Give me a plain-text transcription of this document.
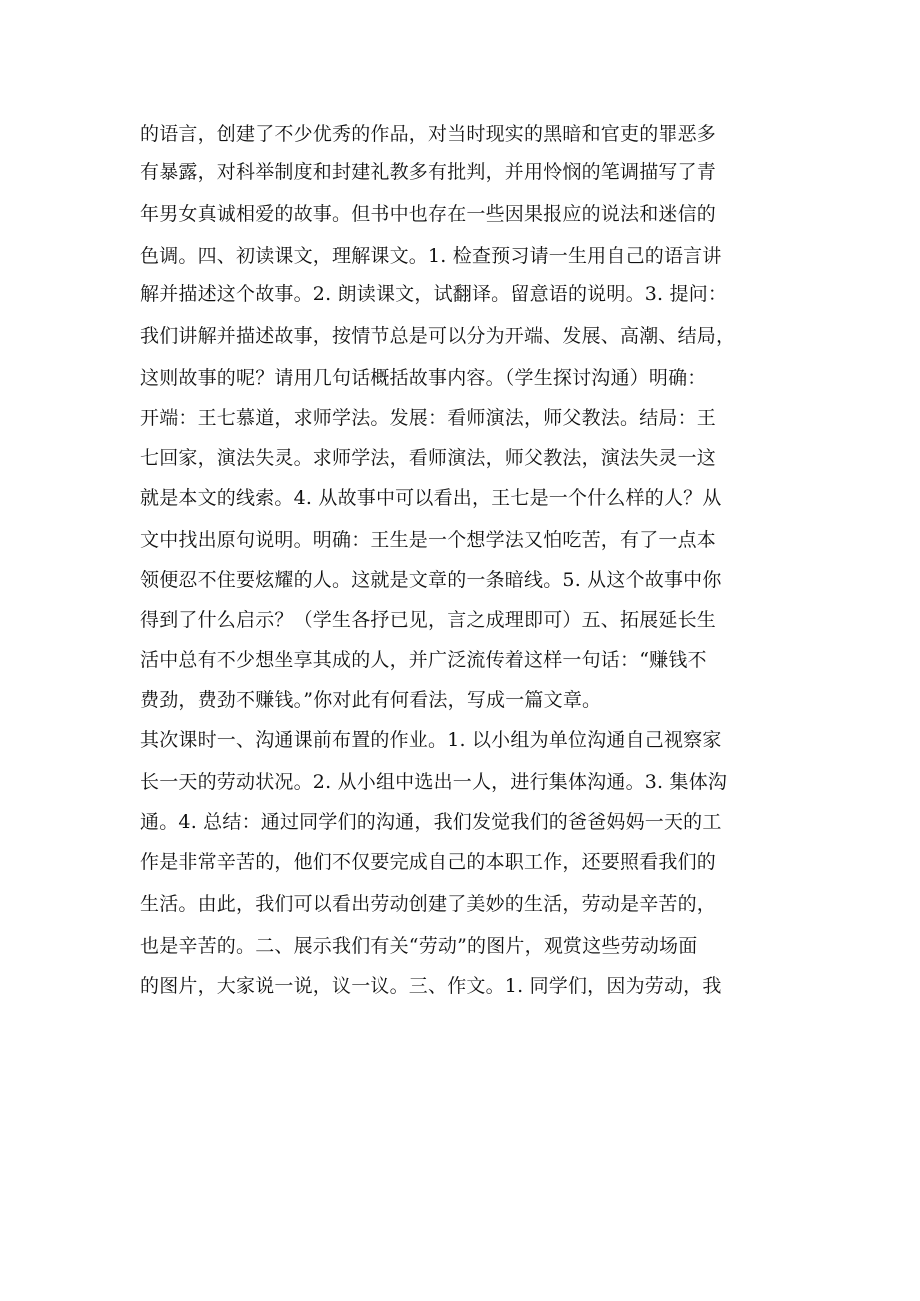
的语言，创建了不少优秀的作品，对当时现实的黑暗和官吏的罪恶多
有暴露，对科举制度和封建礼教多有批判，并用怜悯的笔调描写了青
年男女真诚相爱的故事。但书中也存在一些因果报应的说法和迷信的
色调。四、初读课文，理解课文。1. 检查预习请一生用自己的语言讲
解并描述这个故事。2. 朗读课文，试翻译。留意语的说明。3. 提问：
我们讲解并描述故事，按情节总是可以分为开端、发展、高潮、结局，
这则故事的呢？请用几句话概括故事内容。（学生探讨沟通）明确：
开端：王七慕道，求师学法。发展：看师演法，师父教法。结局：王
七回家，演法失灵。求师学法，看师演法，师父教法，演法失灵一这
就是本文的线索。4. 从故事中可以看出，王七是一个什么样的人？从
文中找出原句说明。明确：王生是一个想学法又怕吃苦，有了一点本
领便忍不住要炫耀的人。这就是文章的一条暗线。5. 从这个故事中你
得到了什么启示？（学生各抒已见，言之成理即可）五、拓展延长生
活中总有不少想坐享其成的人，并广泛流传着这样一句话：“赚钱不
费劲，费劲不赚钱。”你对此有何看法，写成一篇文章。
其次课时一、沟通课前布置的作业。1. 以小组为单位沟通自己视察家
长一天的劳动状况。2. 从小组中选出一人，进行集体沟通。3. 集体沟
通。4. 总结：通过同学们的沟通，我们发觉我们的爸爸妈妈一天的工
作是非常辛苦的，他们不仅要完成自己的本职工作，还要照看我们的
生活。由此，我们可以看出劳动创建了美妙的生活，劳动是辛苦的，
也是辛苦的。二、展示我们有关“劳动”的图片，观赏这些劳动场面
的图片，大家说一说，议一议。三、作文。1. 同学们，因为劳动，我
